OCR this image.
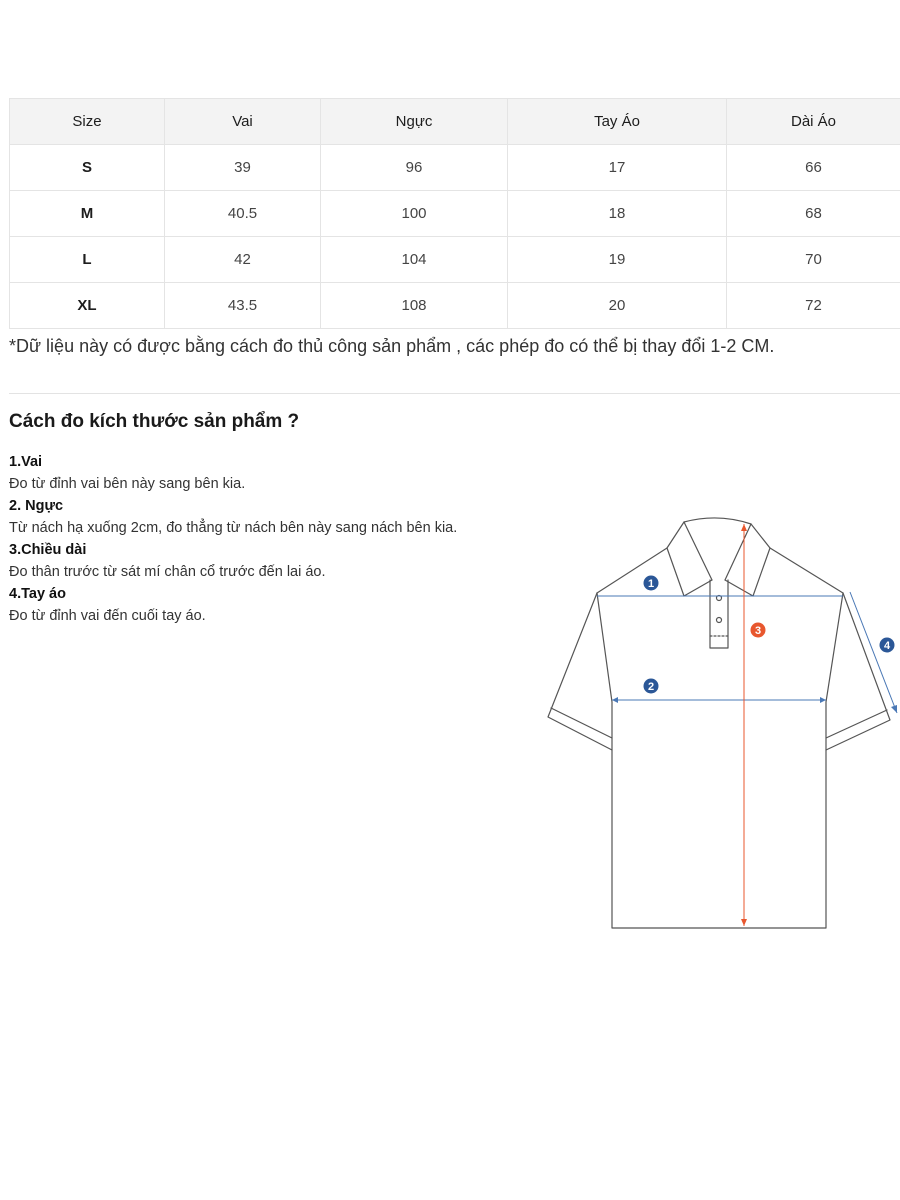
Size	Vai	Ngực	Tay Áo	Dài Áo
S	39	96	17	66
M	40.5	100	18	68
L	42	104	19	70
XL	43.5	108	20	72

*Dữ liệu này có được bằng cách đo thủ công sản phẩm , các phép đo có thể bị thay đổi 1-2 CM.

Cách đo kích thước sản phẩm ?
1.Vai
Đo từ đỉnh vai bên này sang bên kia.
2. Ngực
Từ nách hạ xuống 2cm, đo thẳng từ nách bên này sang nách bên kia.
3.Chiều dài
Đo thân trước từ sát mí chân cổ trước đến lai áo.
4.Tay áo
Đo từ đỉnh vai đến cuối tay áo.
1
2
3
4
